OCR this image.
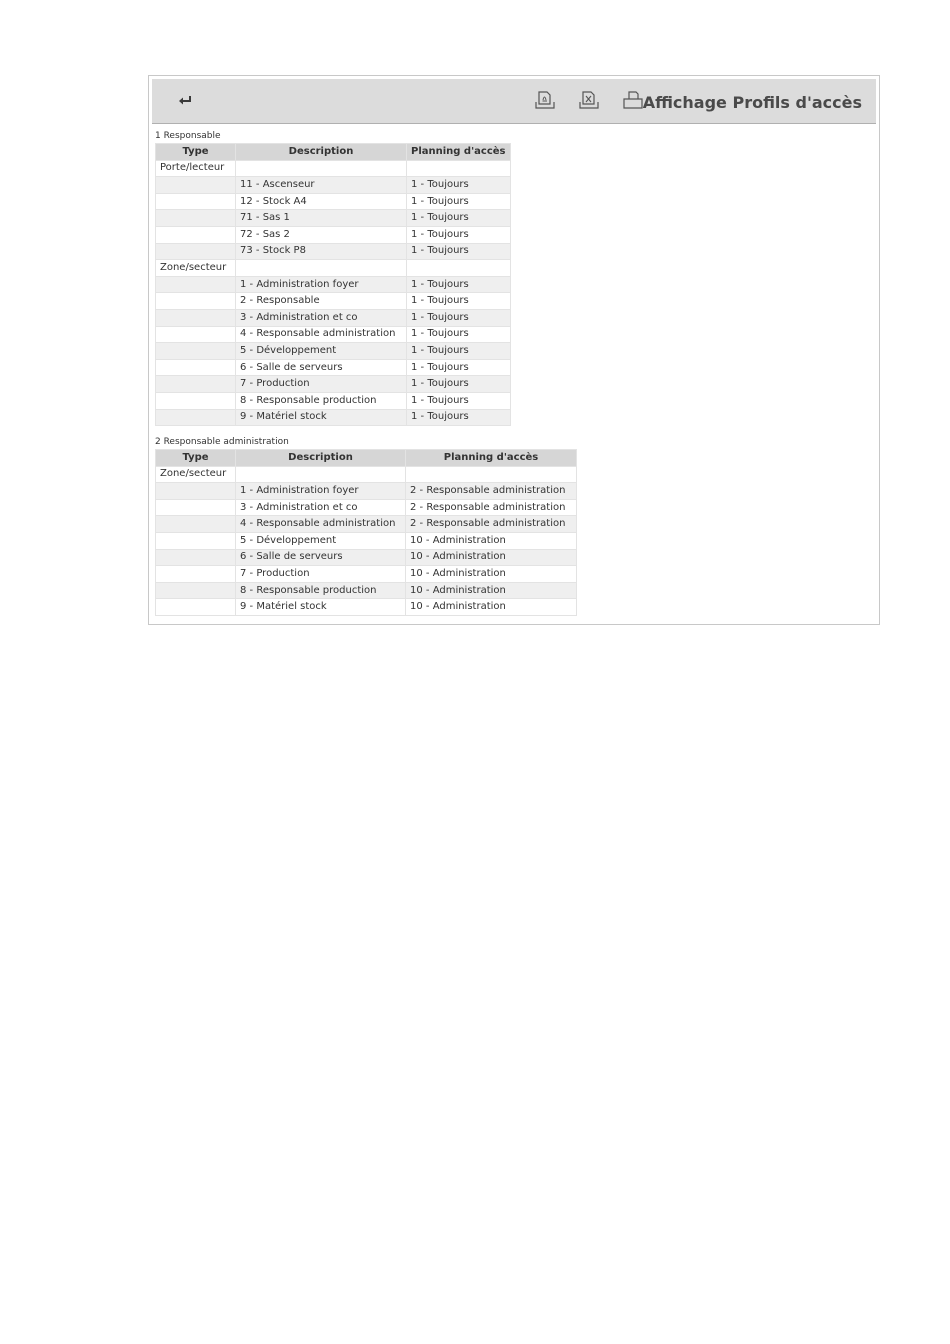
Affichage Profils d'accès
1 Responsable
Type	Description	Planning d'accès
Porte/lecteur		
	11 - Ascenseur	1 - Toujours
	12 - Stock A4	1 - Toujours
	71 - Sas 1	1 - Toujours
	72 - Sas 2	1 - Toujours
	73 - Stock P8	1 - Toujours
Zone/secteur		
	1 - Administration foyer	1 - Toujours
	2 - Responsable	1 - Toujours
	3 - Administration et co	1 - Toujours
	4 - Responsable administration	1 - Toujours
	5 - Développement	1 - Toujours
	6 - Salle de serveurs	1 - Toujours
	7 - Production	1 - Toujours
	8 - Responsable production	1 - Toujours
	9 - Matériel stock	1 - Toujours
2 Responsable administration
Type	Description	Planning d'accès
Zone/secteur		
	1 - Administration foyer	2 - Responsable administration
	3 - Administration et co	2 - Responsable administration
	4 - Responsable administration	2 - Responsable administration
	5 - Développement	10 - Administration
	6 - Salle de serveurs	10 - Administration
	7 - Production	10 - Administration
	8 - Responsable production	10 - Administration
	9 - Matériel stock	10 - Administration
